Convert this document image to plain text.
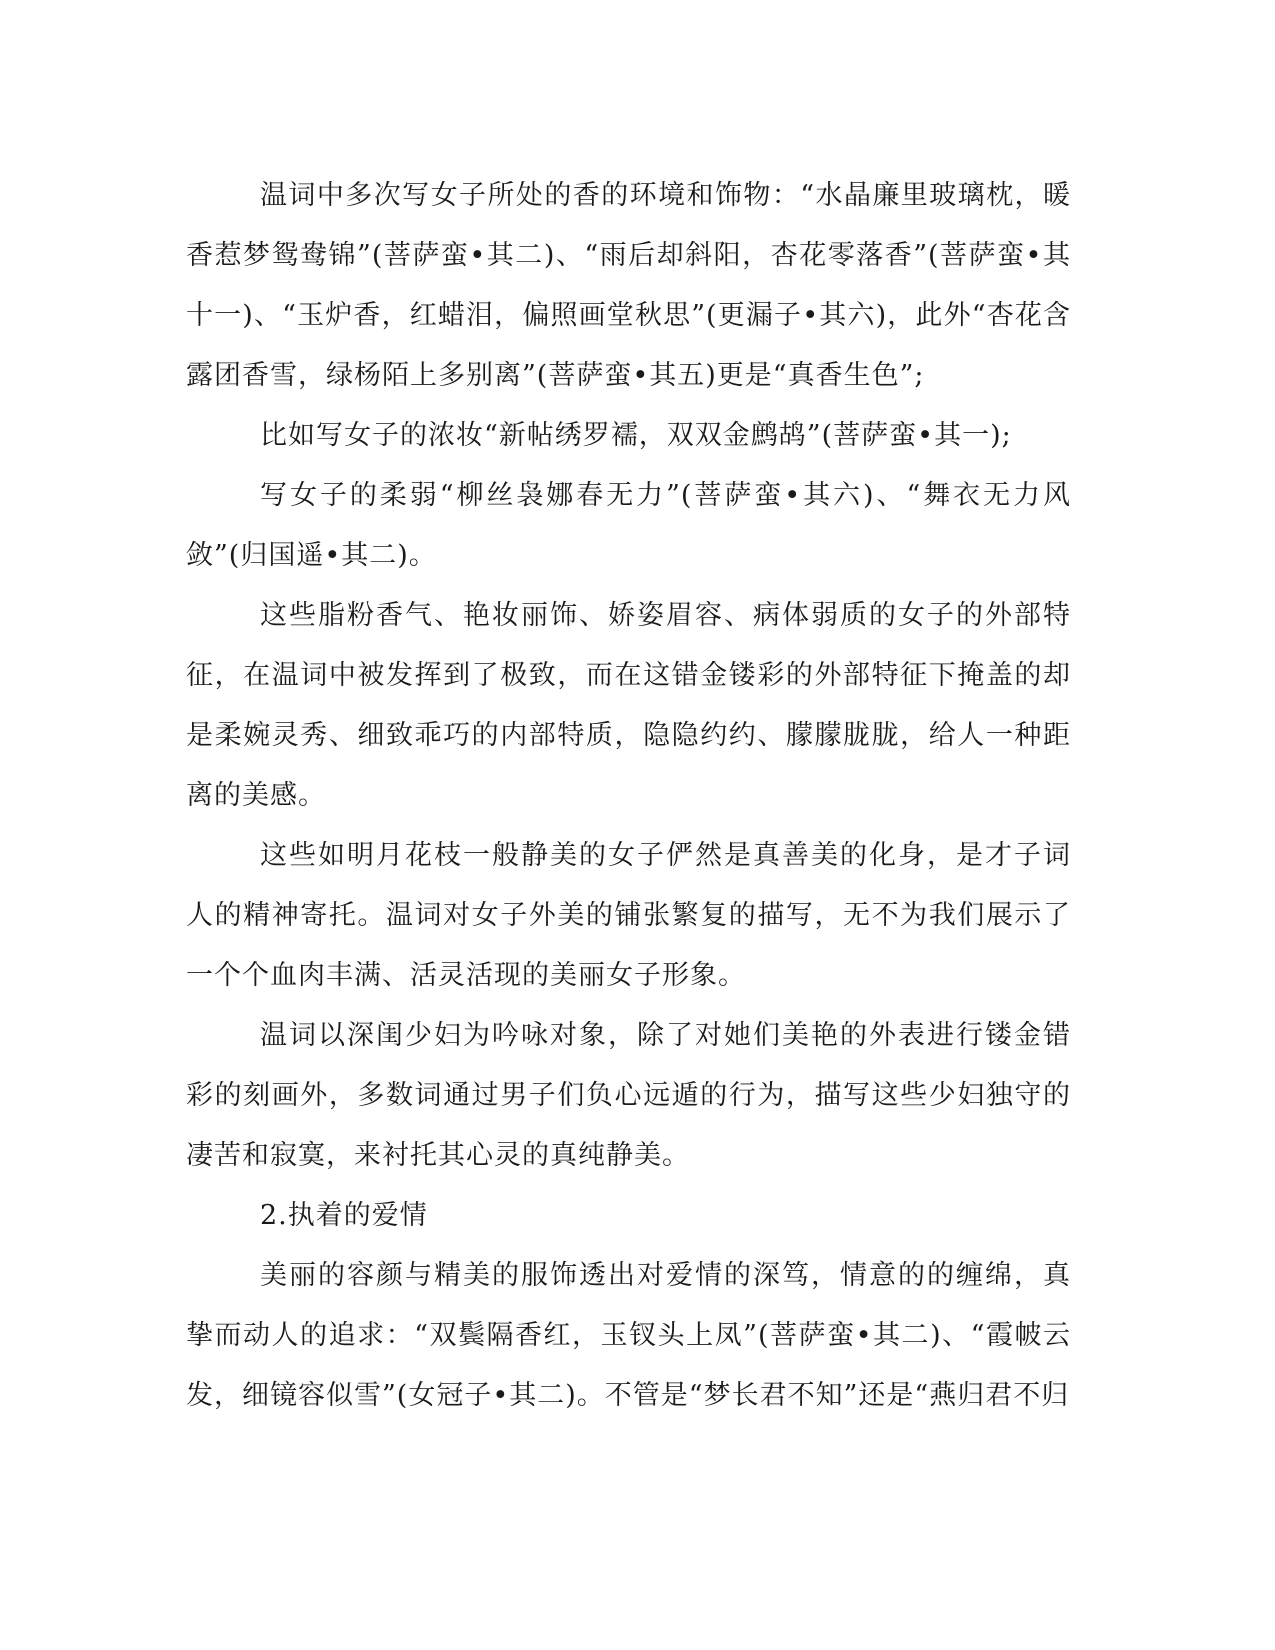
温词中多次写女子所处的香的环境和饰物：“水晶廉里玻璃枕，暖香惹梦鸳鸯锦”(菩萨蛮•其二)、“雨后却斜阳，杏花零落香”(菩萨蛮•其十一)、“玉炉香，红蜡泪，偏照画堂秋思”(更漏子•其六)，此外“杏花含露团香雪，绿杨陌上多别离”(菩萨蛮•其五)更是“真香生色”;

比如写女子的浓妆“新帖绣罗襦，双双金鹧鸪”(菩萨蛮•其一);

写女子的柔弱“柳丝袅娜春无力”(菩萨蛮•其六)、“舞衣无力风敛”(归国遥•其二)。

这些脂粉香气、艳妆丽饰、娇姿眉容、病体弱质的女子的外部特征，在温词中被发挥到了极致，而在这错金镂彩的外部特征下掩盖的却是柔婉灵秀、细致乖巧的内部特质，隐隐约约、朦朦胧胧，给人一种距离的美感。

这些如明月花枝一般静美的女子俨然是真善美的化身，是才子词人的精神寄托。温词对女子外美的铺张繁复的描写，无不为我们展示了一个个血肉丰满、活灵活现的美丽女子形象。

温词以深闺少妇为吟咏对象，除了对她们美艳的外表进行镂金错彩的刻画外，多数词通过男子们负心远遁的行为，描写这些少妇独守的凄苦和寂寞，来衬托其心灵的真纯静美。

2.执着的爱情

美丽的容颜与精美的服饰透出对爱情的深笃，情意的的缠绵，真挚而动人的追求：“双鬓隔香红，玉钗头上凤”(菩萨蛮•其二)、“霞帔云发，细镜容似雪”(女冠子•其二)。不管是“梦长君不知”还是“燕归君不归
